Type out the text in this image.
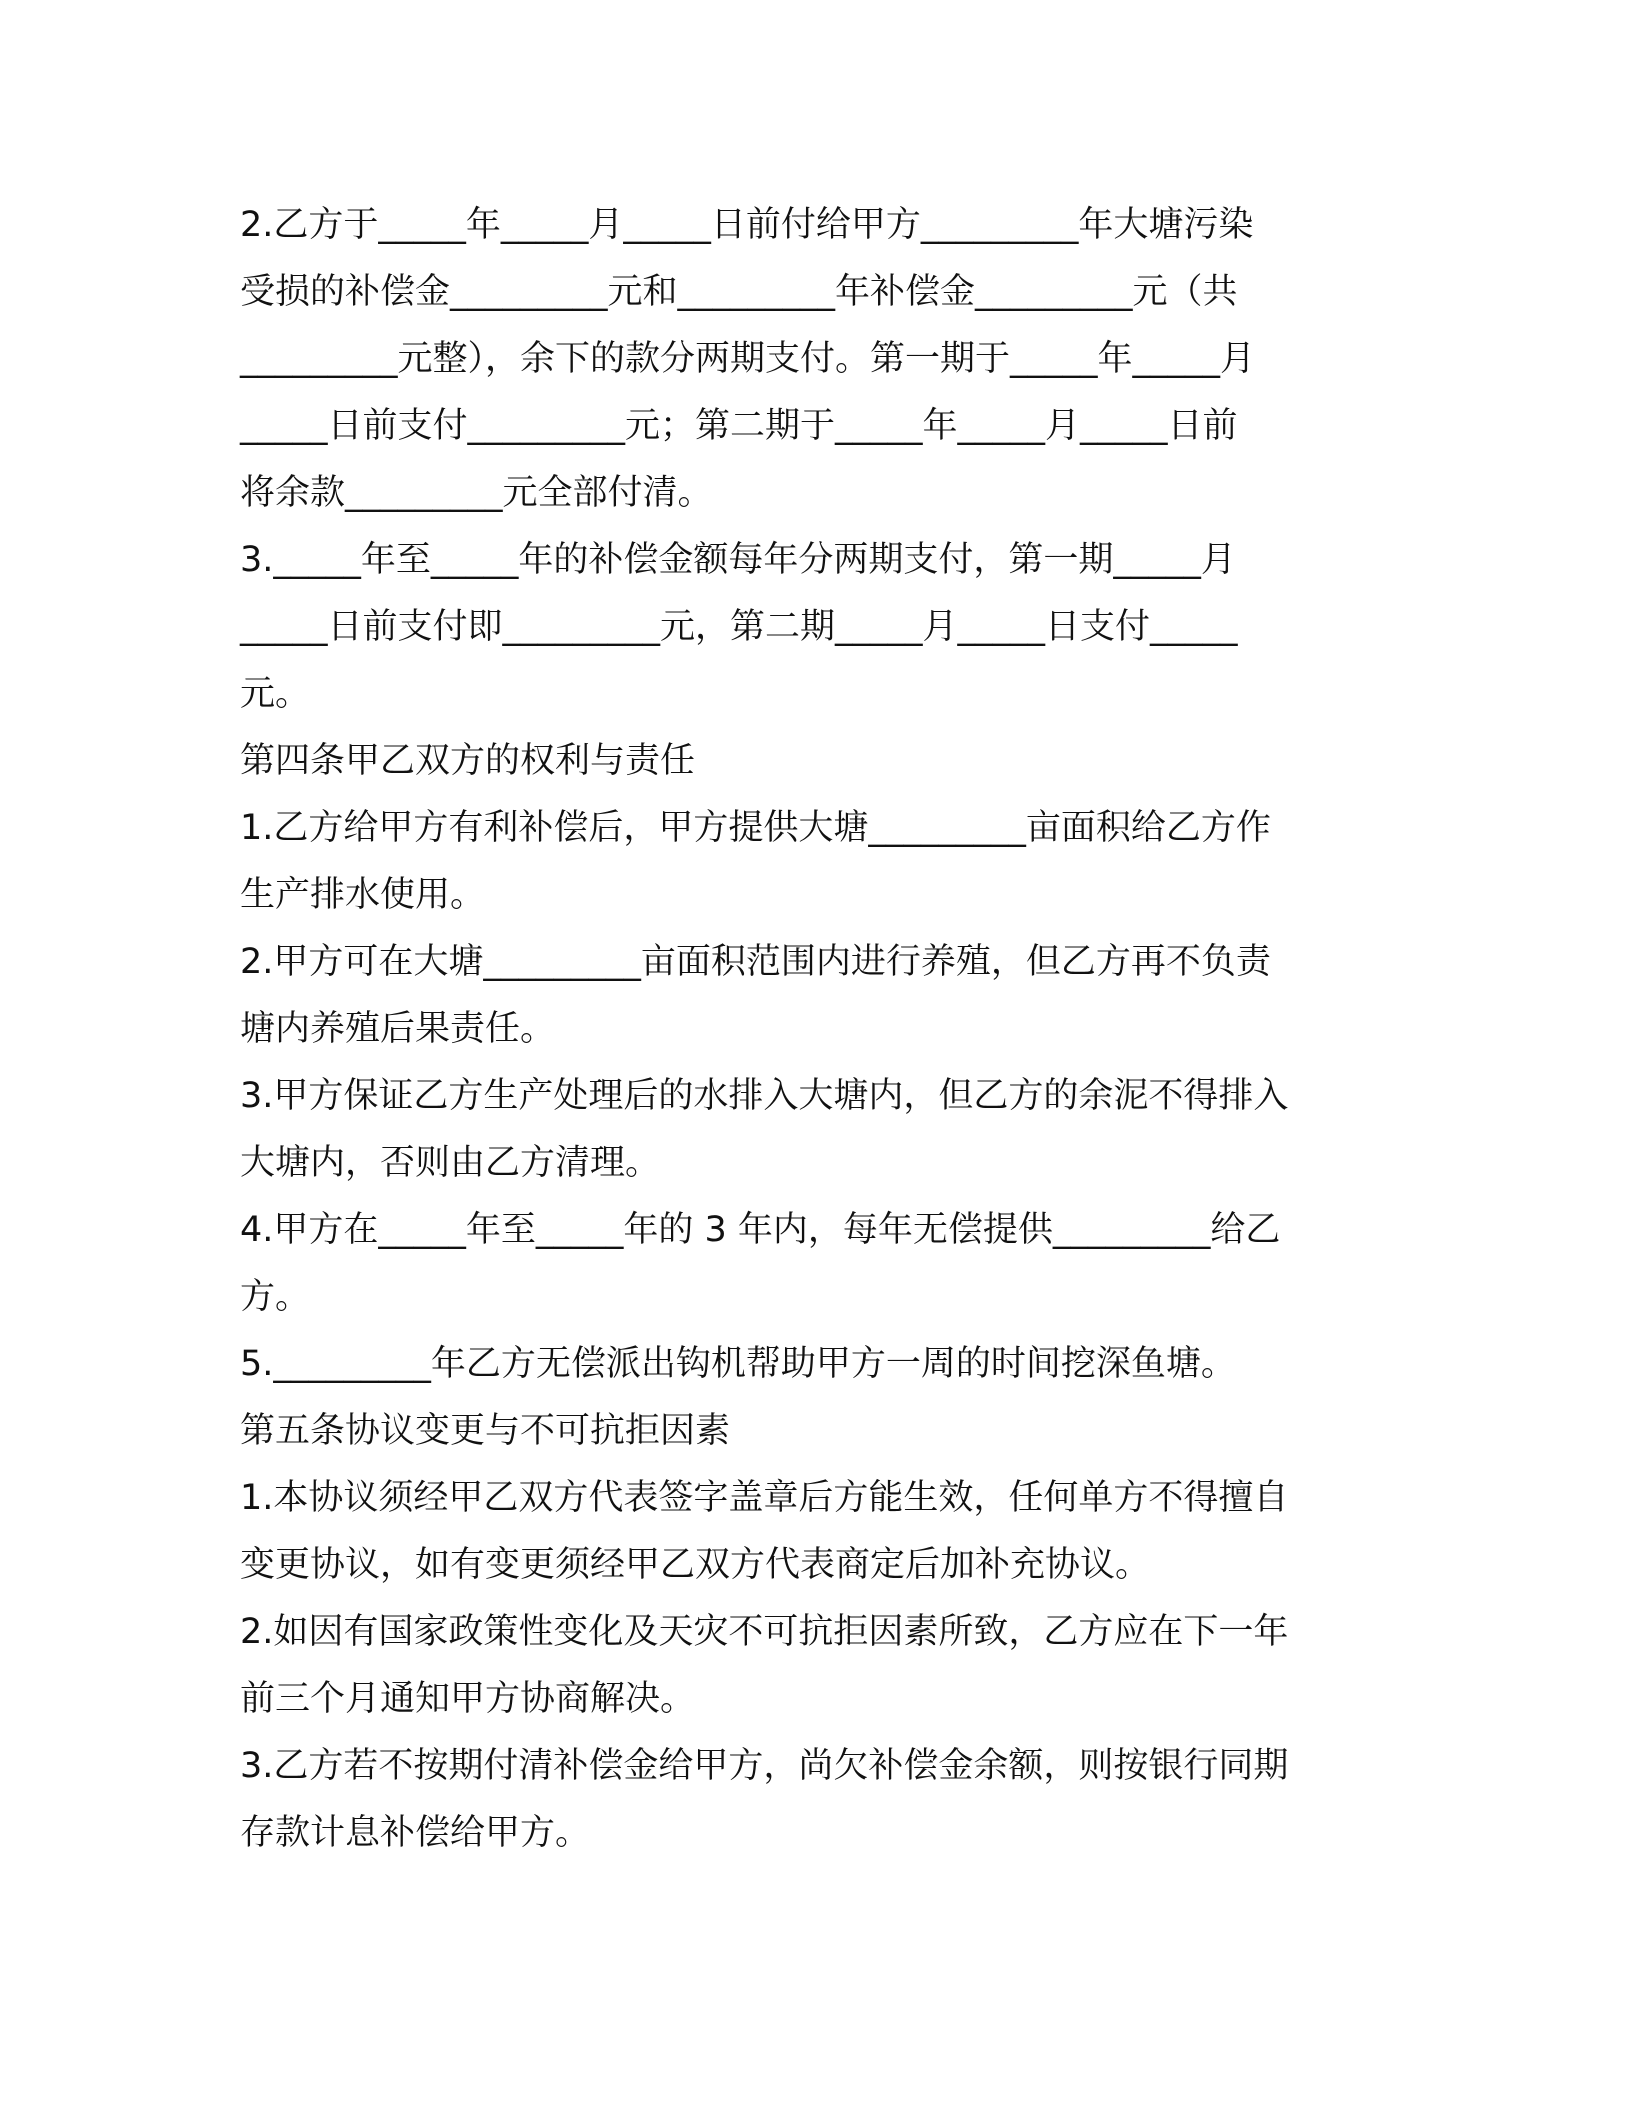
2.乙方于_____年_____月_____日前付给甲方_________年大塘污染
受损的补偿金_________元和_________年补偿金_________元（共
_________元整），余下的款分两期支付。第一期于_____年_____月
_____日前支付_________元；第二期于_____年_____月_____日前
将余款_________元全部付清。
3._____年至_____年的补偿金额每年分两期支付，第一期_____月
_____日前支付即_________元，第二期_____月_____日支付_____
元。
第四条甲乙双方的权利与责任
1.乙方给甲方有利补偿后，甲方提供大塘_________亩面积给乙方作
生产排水使用。
2.甲方可在大塘_________亩面积范围内进行养殖，但乙方再不负责
塘内养殖后果责任。
3.甲方保证乙方生产处理后的水排入大塘内，但乙方的余泥不得排入
大塘内，否则由乙方清理。
4.甲方在_____年至_____年的 3 年内，每年无偿提供_________给乙
方。
5._________年乙方无偿派出钩机帮助甲方一周的时间挖深鱼塘。
第五条协议变更与不可抗拒因素
1.本协议须经甲乙双方代表签字盖章后方能生效，任何单方不得擅自
变更协议，如有变更须经甲乙双方代表商定后加补充协议。
2.如因有国家政策性变化及天灾不可抗拒因素所致，乙方应在下一年
前三个月通知甲方协商解决。
3.乙方若不按期付清补偿金给甲方，尚欠补偿金余额，则按银行同期
存款计息补偿给甲方。
